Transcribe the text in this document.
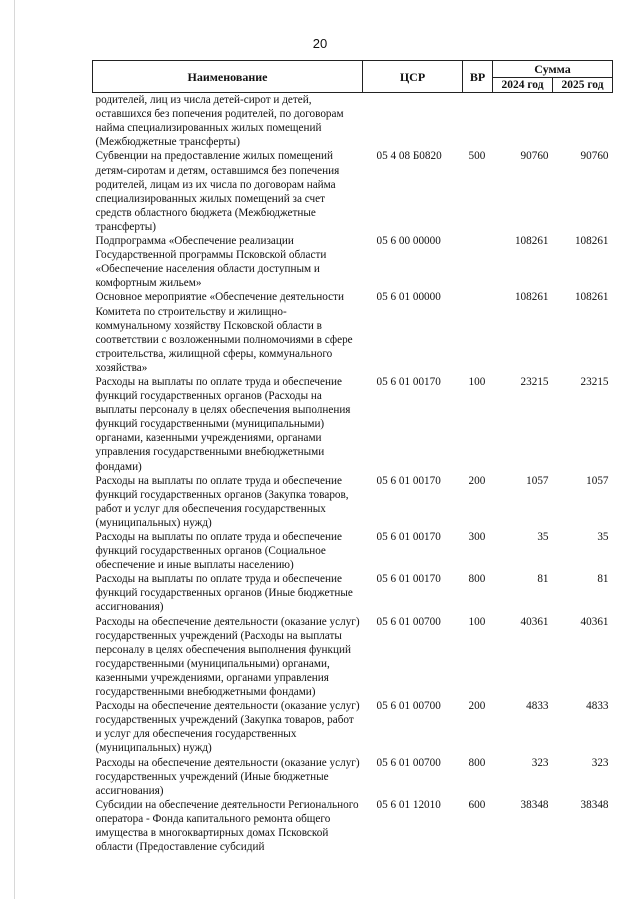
20
Наименование	ЦСР	ВР	Сумма	
			2024 год	2025 год
родителей, лиц из числа детей-сирот и детей, оставшихся без попечения родителей, по договорам найма специализированных жилых помещений (Межбюджетные трансферты)				
Субвенции на предоставление жилых помещений детям-сиротам и детям, оставшимся без попечения родителей, лицам из их числа по договорам найма специализированных жилых помещений за счет средств областного бюджета (Межбюджетные трансферты)	05 4 08 Б0820	500	90760	90760
Подпрограмма «Обеспечение реализации Государственной программы Псковской области «Обеспечение населения области доступным и комфортным жильем»	05 6 00 00000		108261	108261
Основное мероприятие «Обеспечение деятельности Комитета по строительству и жилищно-коммунальному хозяйству Псковской области в соответствии с возложенными полномочиями в сфере строительства, жилищной сферы, коммунального хозяйства»	05 6 01 00000		108261	108261
Расходы на выплаты по оплате труда и обеспечение функций государственных органов (Расходы на выплаты персоналу в целях обеспечения выполнения функций государственными (муниципальными) органами, казенными учреждениями, органами управления государственными внебюджетными фондами)	05 6 01 00170	100	23215	23215
Расходы на выплаты по оплате труда и обеспечение функций государственных органов (Закупка товаров, работ и услуг для обеспечения государственных (муниципальных) нужд)	05 6 01 00170	200	1057	1057
Расходы на выплаты по оплате труда и обеспечение функций государственных органов (Социальное обеспечение и иные выплаты населению)	05 6 01 00170	300	35	35
Расходы на выплаты по оплате труда и обеспечение функций государственных органов (Иные бюджетные ассигнования)	05 6 01 00170	800	81	81
Расходы на обеспечение деятельности (оказание услуг) государственных учреждений (Расходы на выплаты персоналу в целях обеспечения выполнения функций государственными (муниципальными) органами, казенными учреждениями, органами управления государственными внебюджетными фондами)	05 6 01 00700	100	40361	40361
Расходы на обеспечение деятельности (оказание услуг) государственных учреждений (Закупка товаров, работ и услуг для обеспечения государственных (муниципальных) нужд)	05 6 01 00700	200	4833	4833
Расходы на обеспечение деятельности (оказание услуг) государственных учреждений (Иные бюджетные ассигнования)	05 6 01 00700	800	323	323
Субсидии на обеспечение деятельности Регионального оператора - Фонда капитального ремонта общего имущества в многоквартирных домах Псковской области (Предоставление субсидий	05 6 01 12010	600	38348	38348
